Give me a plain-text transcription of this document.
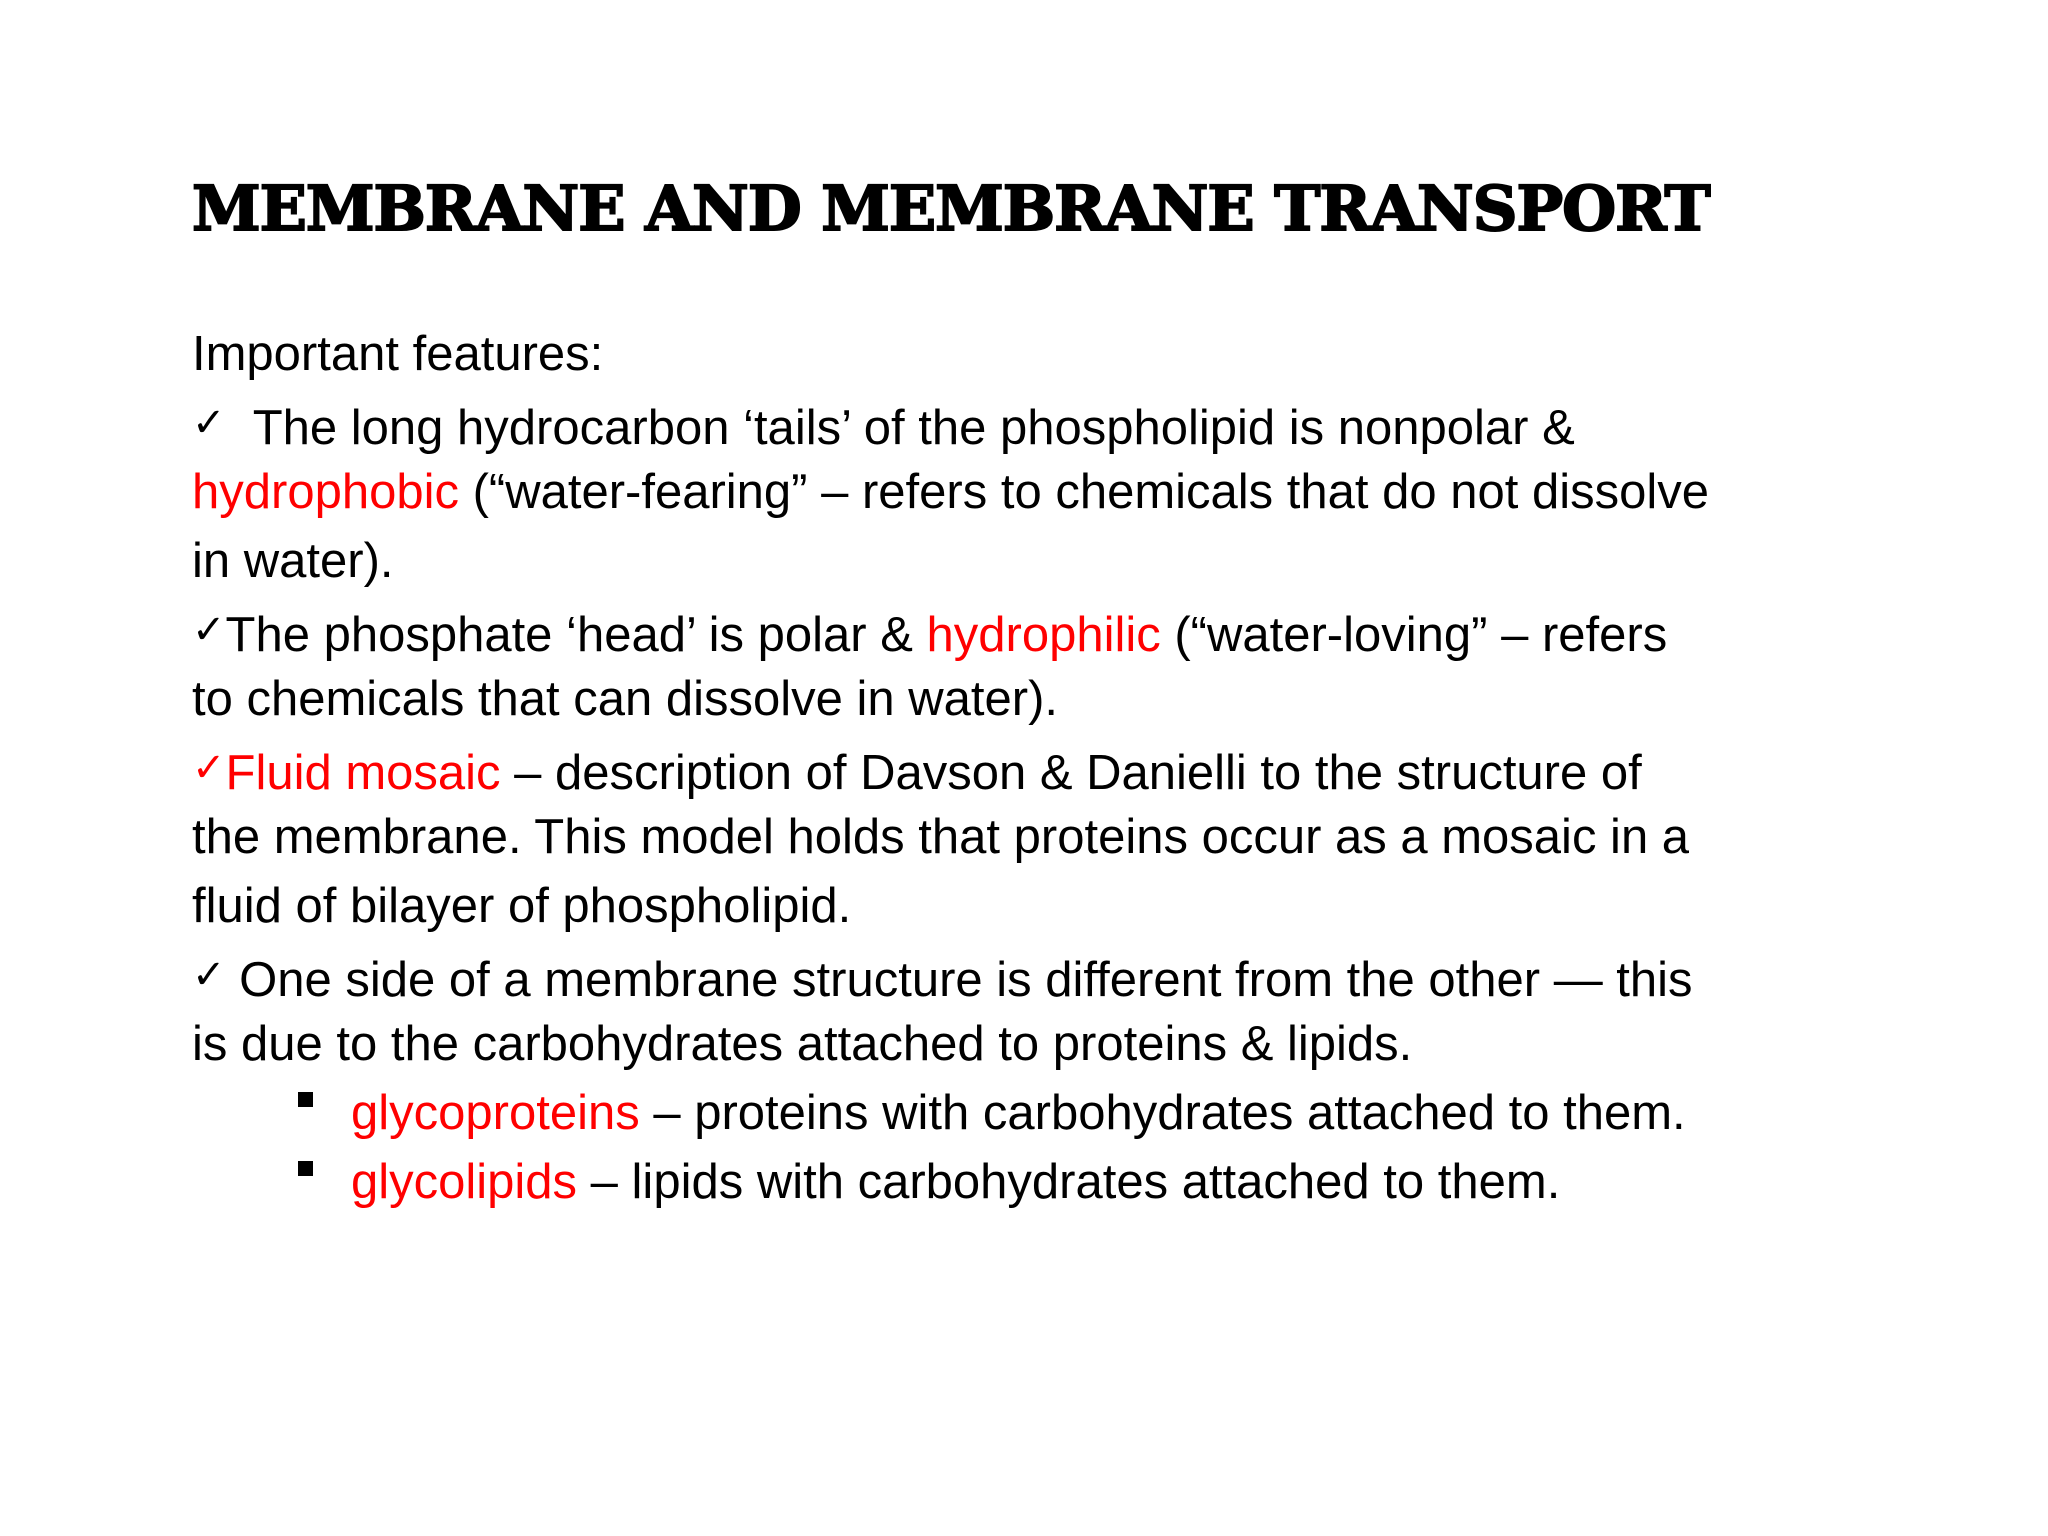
MEMBRANE AND MEMBRANE TRANSPORT
Important features:
✓ The long hydrocarbon ‘tails’ of the phospholipid is nonpolar &
hydrophobic (“water-fearing” – refers to chemicals that do not dissolve
in water).
✓The phosphate ‘head’ is polar & hydrophilic (“water-loving” – refers
to chemicals that can dissolve in water).
✓Fluid mosaic – description of Davson & Danielli to the structure of
the membrane. This model holds that proteins occur as a mosaic in a
fluid of bilayer of phospholipid.
✓ One side of a membrane structure is different from the other — this
is due to the carbohydrates attached to proteins & lipids.
glycoproteins – proteins with carbohydrates attached to them.
glycolipids – lipids with carbohydrates attached to them.
